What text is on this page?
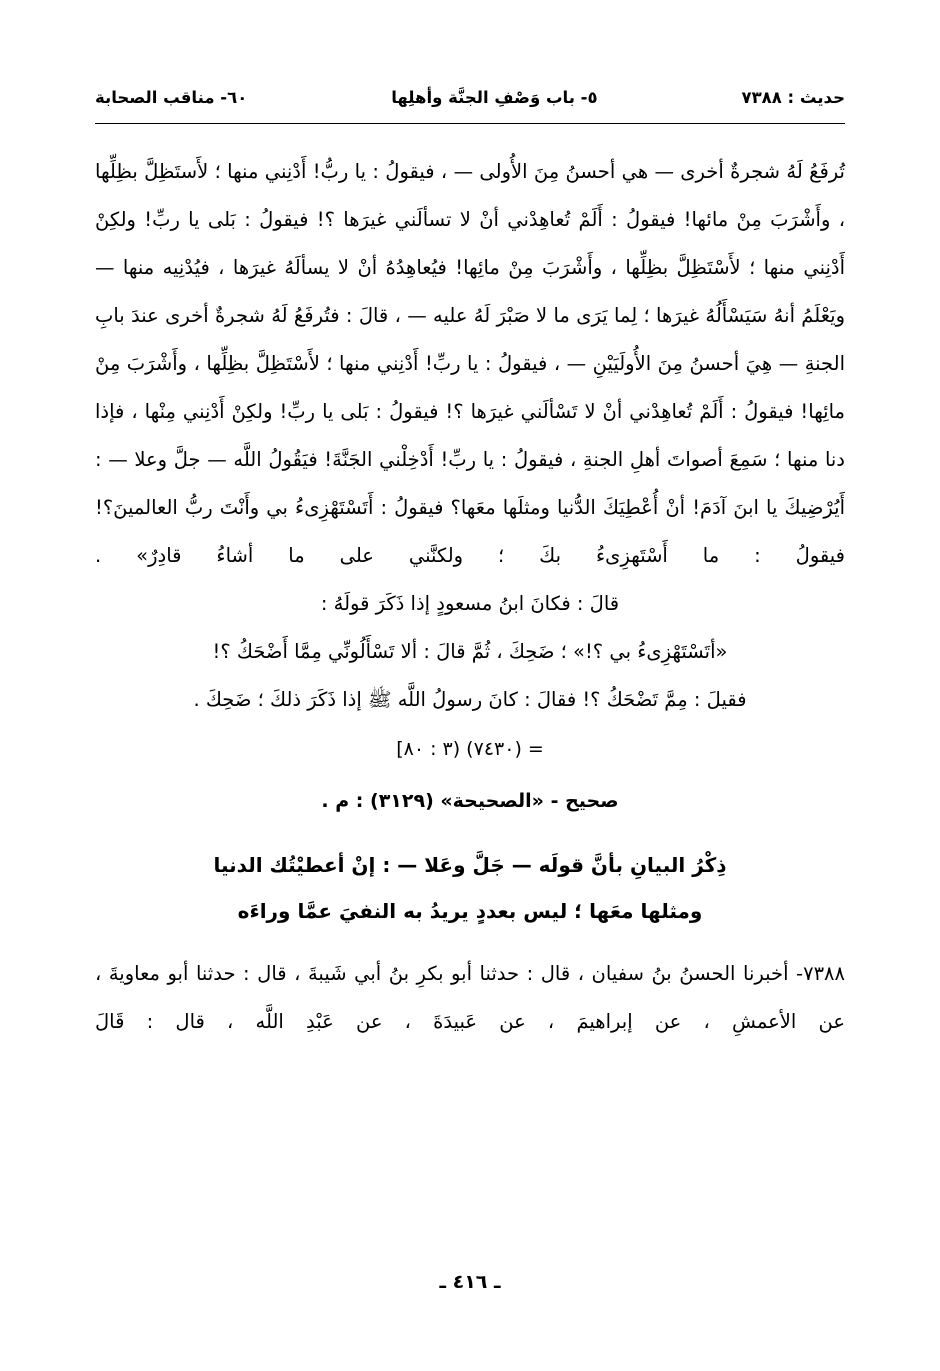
٦٠- مناقب الصحابة	٥- باب وَصْفِ الجنَّة وأهلِها	حديث : ٧٣٨٨

تُرفَعُ لَهُ شجرةٌ أخرى — هي أحسنُ مِنَ الأُولى — ، فيقولُ : يا ربُّ! أَدْنِني منها ؛ لأَستَظِلَّ بظِلِّها ، وأَشْرَبَ مِنْ مائها! فيقولُ : أَلَمْ تُعاهِدْني أنْ لا تسألَني غيرَها ؟! فيقولُ : بَلى يا ربِّ! ولكِنْ أَدْنِني منها ؛ لأَسْتَظِلَّ بظِلِّها ، وأَشْرَبَ مِنْ مائِها! فيُعاهِدُهُ أنْ لا يسألَهُ غيرَها ، فيُدْنِيه منها — ويَعْلَمُ أنهُ سَيَسْأَلُهُ غيرَها ؛ لِما يَرَى ما لا صَبْرَ لَهُ عليه — ، قالَ : فتُرفَعُ لَهُ شجرةٌ أخرى عندَ بابِ الجنةِ — هِيَ أحسنُ مِنَ الأُولَيَيْنِ — ، فيقولُ : يا ربِّ! أَدْنِني منها ؛ لأَسْتَظِلَّ بظِلِّها ، وأَشْرَبَ مِنْ مائِها! فيقولُ : أَلَمْ تُعاهِدْني أنْ لا تَسْألَني غيرَها ؟! فيقولُ : بَلى يا ربِّ! ولكِنْ أَدْنِني مِنْها ، فإذا دنا منها ؛ سَمِعَ أصواتَ أهلِ الجنةِ ، فيقولُ : يا ربِّ! أَدْخِلْني الجَنَّةَ! فيَقُولُ اللَّه — جلَّ وعلا — : أَيُرْضِيكَ يا ابنَ آدَمَ! أنْ أُعْطِيَكَ الدُّنيا ومثلَها معَها؟ فيقولُ : أَتَسْتَهْزِىءُ بي وأَنْتَ ربُّ العالمينَ؟! فيقولُ : ما أَسْتَهزِىءُ بكَ ؛ ولكنَّني على ما أشاءُ قادِرٌ» .

قالَ : فكانَ ابنُ مسعودٍ إذا ذَكَرَ قولَهُ :

«أتَسْتَهْزِىءُ بي ؟!» ؛ ضَحِكَ ، ثُمَّ قالَ : ألا تَسْأَلُونِّي مِمَّا أَضْحَكُ ؟!

فقيلَ : مِمَّ تَضْحَكُ ؟! فقالَ : كانَ رسولُ اللَّه ﷺ إذا ذَكَرَ ذلكَ ؛ ضَحِكَ .

= (٧٤٣٠) (٣ : ٨٠]

صحيح - «الصحيحة» (٣١٢٩) : م .

ذِكْرُ البيانِ بأنَّ قولَه — جَلَّ وعَلا — : إنْ أعطيْتُك الدنيا
ومثلها معَها ؛ ليس بعددٍ يريدُ به النفيَ عمَّا وراءَه

٧٣٨٨- أخبرنا الحسنُ بنُ سفيان ، قال : حدثنا أبو بكرِ بنُ أبي شَيبةَ ، قال : حدثنا أبو معاويةَ ، عن الأعمشِ ، عن إبراهيمَ ، عن عَبيدَةَ ، عن عَبْدِ اللَّه ، قال : قَالَ

ـ ٤١٦ ـ
